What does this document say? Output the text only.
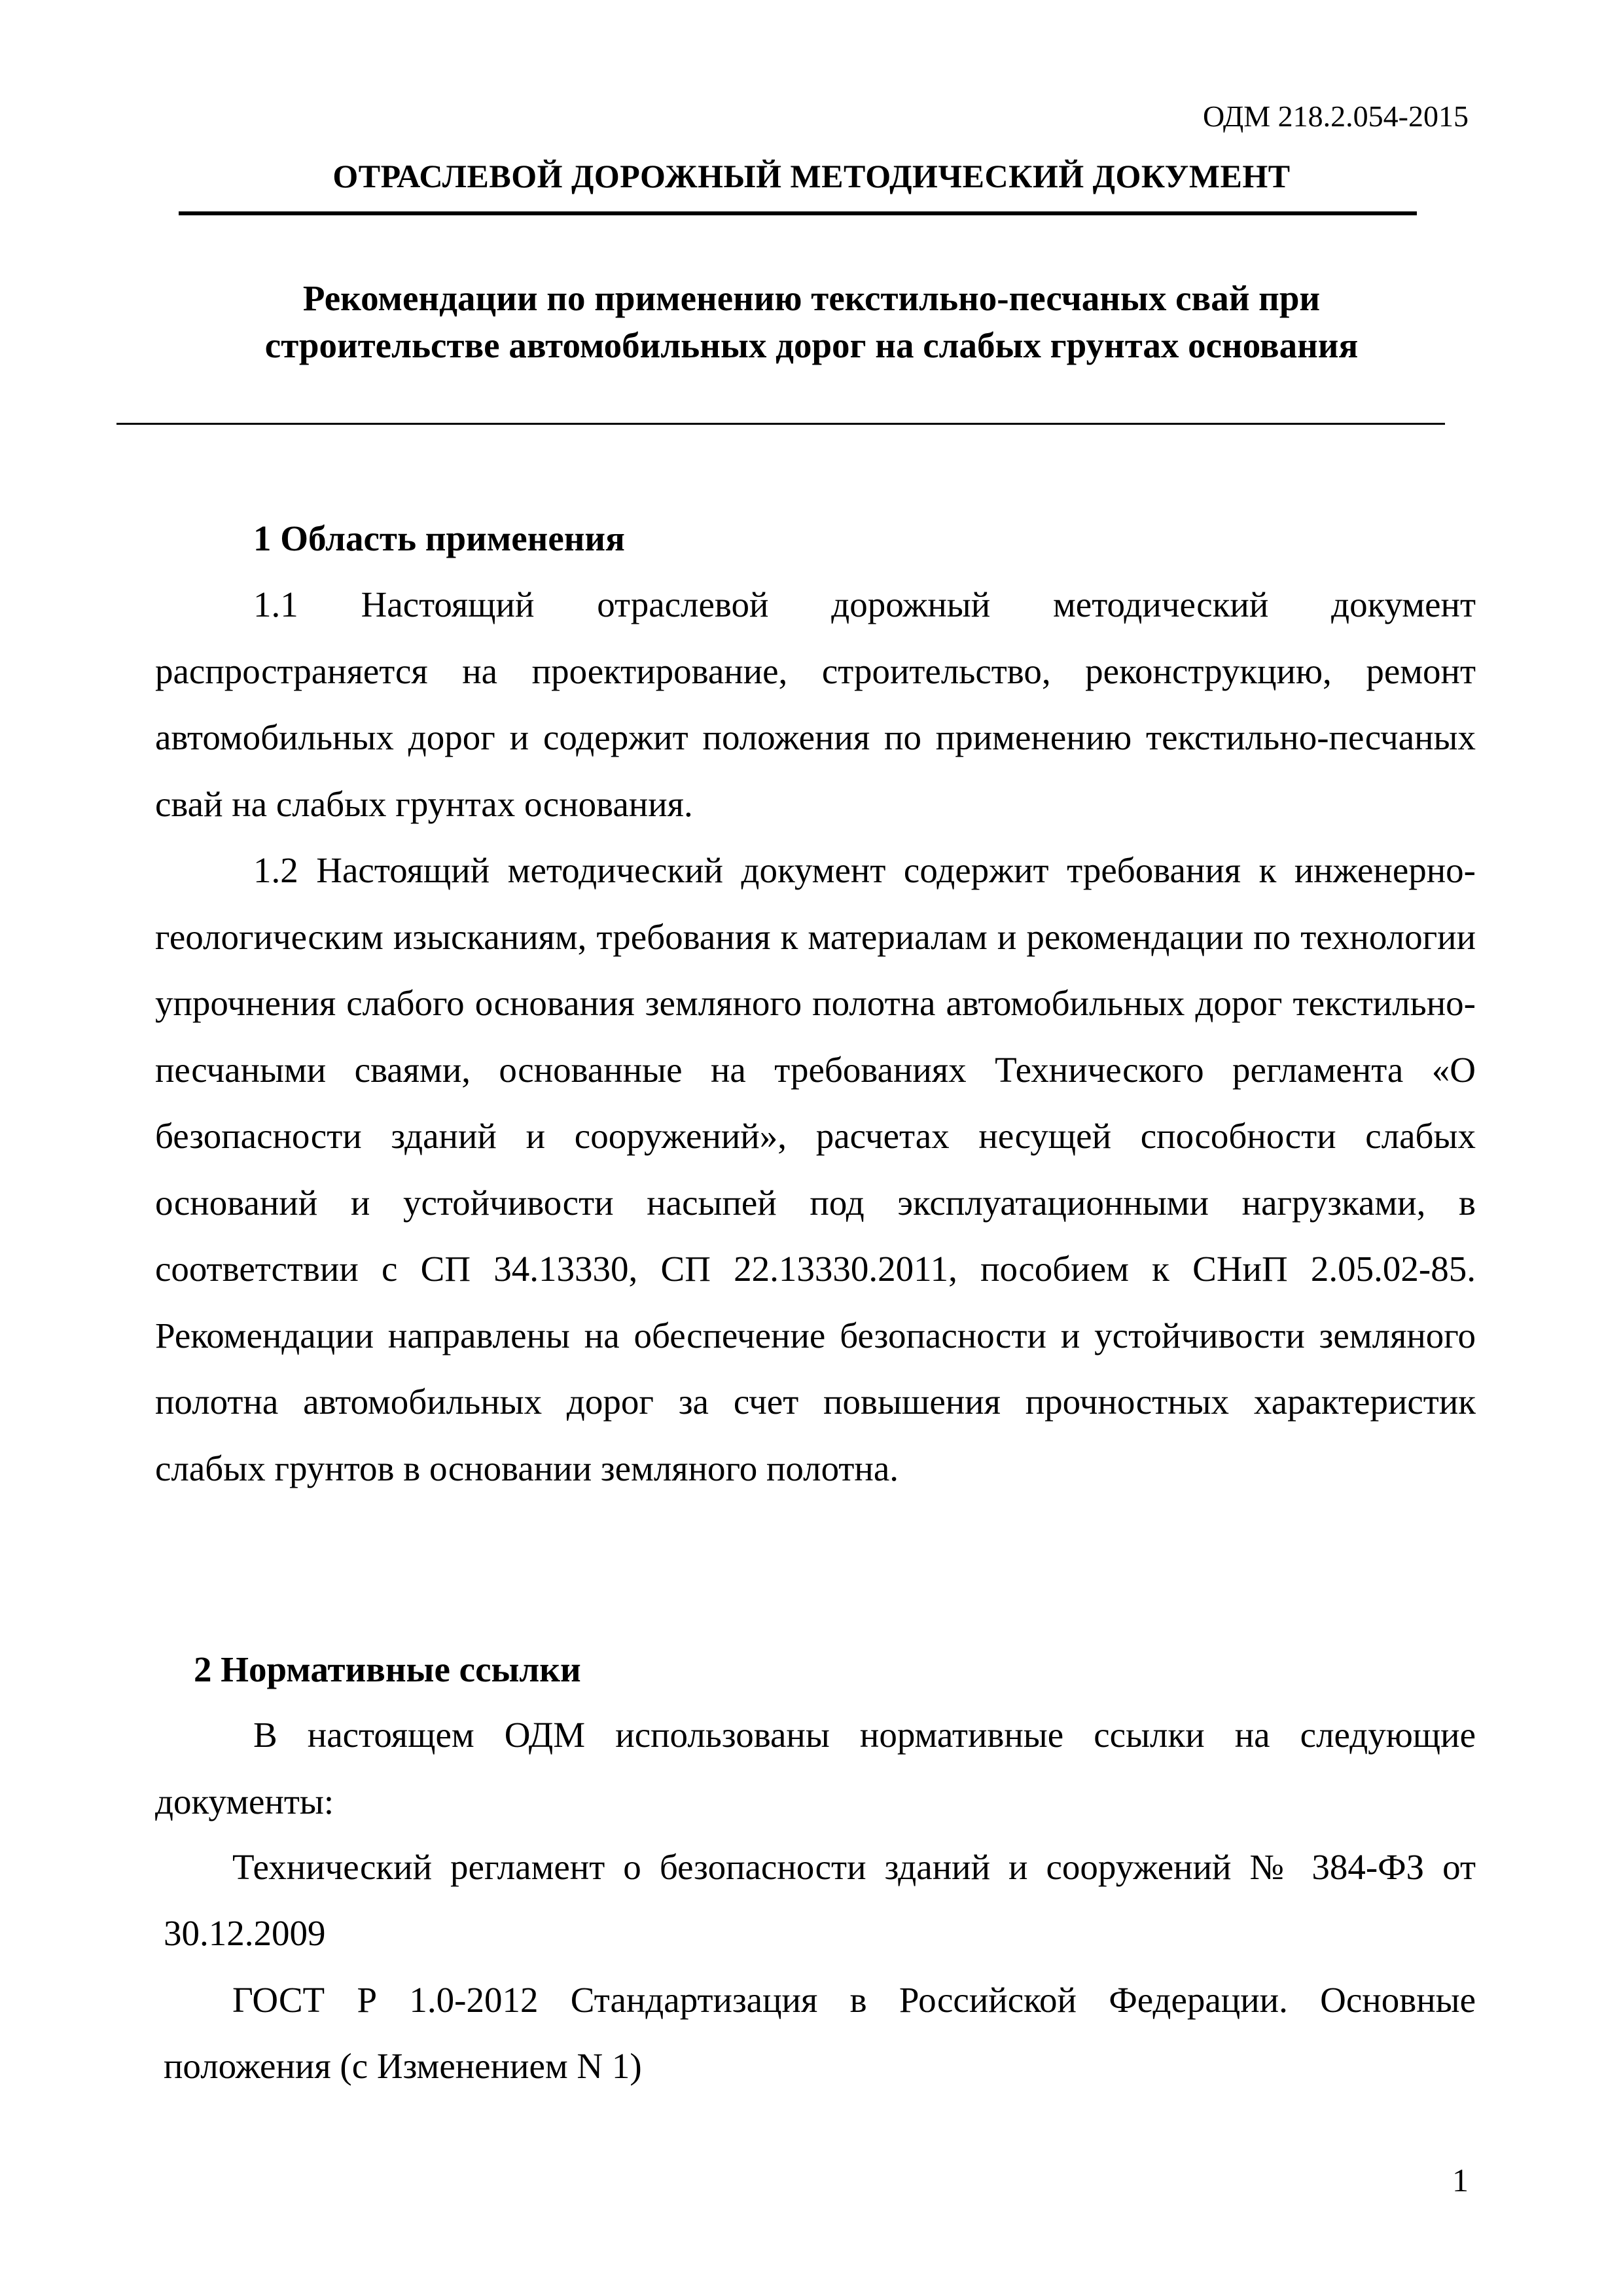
ОДМ 218.2.054-2015
ОТРАСЛЕВОЙ ДОРОЖНЫЙ МЕТОДИЧЕСКИЙ ДОКУМЕНТ
Рекомендации по применению текстильно-песчаных свай при
строительстве автомобильных дорог на слабых грунтах основания
1 Область применения

1.1 Настоящий отраслевой дорожный методический документ распространяется на проектирование, строительство, реконструкцию, ремонт автомобильных дорог и содержит положения по применению текстильно-песчаных свай на слабых грунтах основания.

1.2 Настоящий методический документ содержит требования к инженерно-геологическим изысканиям, требования к материалам и рекомендации по технологии упрочнения слабого основания земляного полотна автомобильных дорог текстильно-песчаными сваями, основанные на требованиях Технического регламента «О безопасности зданий и сооружений», расчетах несущей способности слабых оснований и устойчивости насыпей под эксплуатационными нагрузками, в соответствии с СП 34.13330, СП 22.13330.2011, пособием к СНиП 2.05.02-85. Рекомендации направлены на обеспечение безопасности и устойчивости земляного полотна автомобильных дорог за счет повышения прочностных характеристик слабых грунтов в основании земляного полотна.

2 Нормативные ссылки

В настоящем ОДМ использованы нормативные ссылки на следующие документы:

Технический регламент о безопасности зданий и сооружений № 384-ФЗ от 30.12.2009
ГОСТ Р 1.0-2012 Стандартизация в Российской Федерации. Основные положения (с Изменением N 1)
1
